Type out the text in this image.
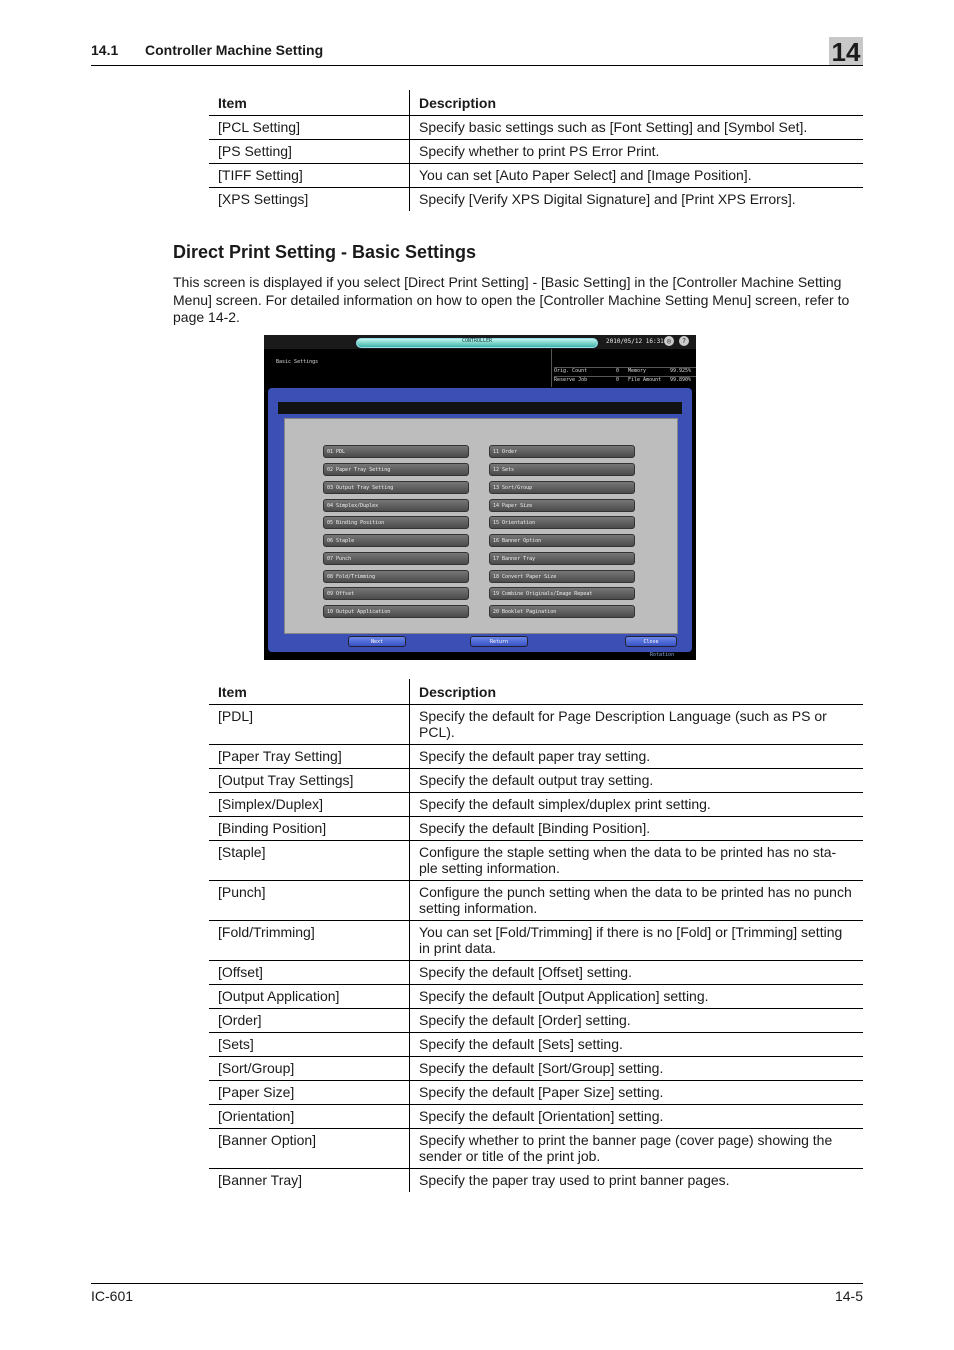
14.1 Controller Machine Setting	14
Item	Description
[PCL Setting]	Specify basic settings such as [Font Setting] and [Symbol Set].
[PS Setting]	Specify whether to print PS Error Print.
[TIFF Setting]	You can set [Auto Paper Select] and [Image Position].
[XPS Settings]	Specify [Verify XPS Digital Signature] and [Print XPS Errors].
Direct Print Setting - Basic Settings

This screen is displayed if you select [Direct Print Setting] - [Basic Setting] in the [Controller Machine Setting Menu] screen. For detailed information on how to open the [Controller Machine Setting Menu] screen, refer to page 14-2.

CONTROLLER	2010/05/12 16:31 ◎	?
Basic Settings
Orig. Count	0 Memory	99.925%
Reserve Job	0 File Amount 99.890%
01 PDL
02 Paper Tray Setting
03 Output Tray Setting
04 Simplex/Duplex
05 Binding Position
06 Staple
07 Punch
08 Fold/Trimming
09 Offset
10 Output Application
11 Order
12 Sets
13 Sort/Group
14 Paper Size
15 Orientation
16 Banner Option
17 Banner Tray
18 Convert Paper Size
19 Combine Originals/Image Repeat
20 Booklet Pagination
Next	Return	Close
Rotation
Item	Description
[PDL]	Specify the default for Page Description Language (such as PS or PCL).
[Paper Tray Setting]	Specify the default paper tray setting.
[Output Tray Settings]	Specify the default output tray setting.
[Simplex/Duplex]	Specify the default simplex/duplex print setting.
[Binding Position]	Specify the default [Binding Position].
[Staple]	Configure the staple setting when the data to be printed has no sta-ple setting information.
[Punch]	Configure the punch setting when the data to be printed has no punch setting information.
[Fold/Trimming]	You can set [Fold/Trimming] if there is no [Fold] or [Trimming] setting in print data.
[Offset]	Specify the default [Offset] setting.
[Output Application]	Specify the default [Output Application] setting.
[Order]	Specify the default [Order] setting.
[Sets]	Specify the default [Sets] setting.
[Sort/Group]	Specify the default [Sort/Group] setting.
[Paper Size]	Specify the default [Paper Size] setting.
[Orientation]	Specify the default [Orientation] setting.
[Banner Option]	Specify whether to print the banner page (cover page) showing the sender or title of the print job.
[Banner Tray]	Specify the paper tray used to print banner pages.
IC-601	14-5
